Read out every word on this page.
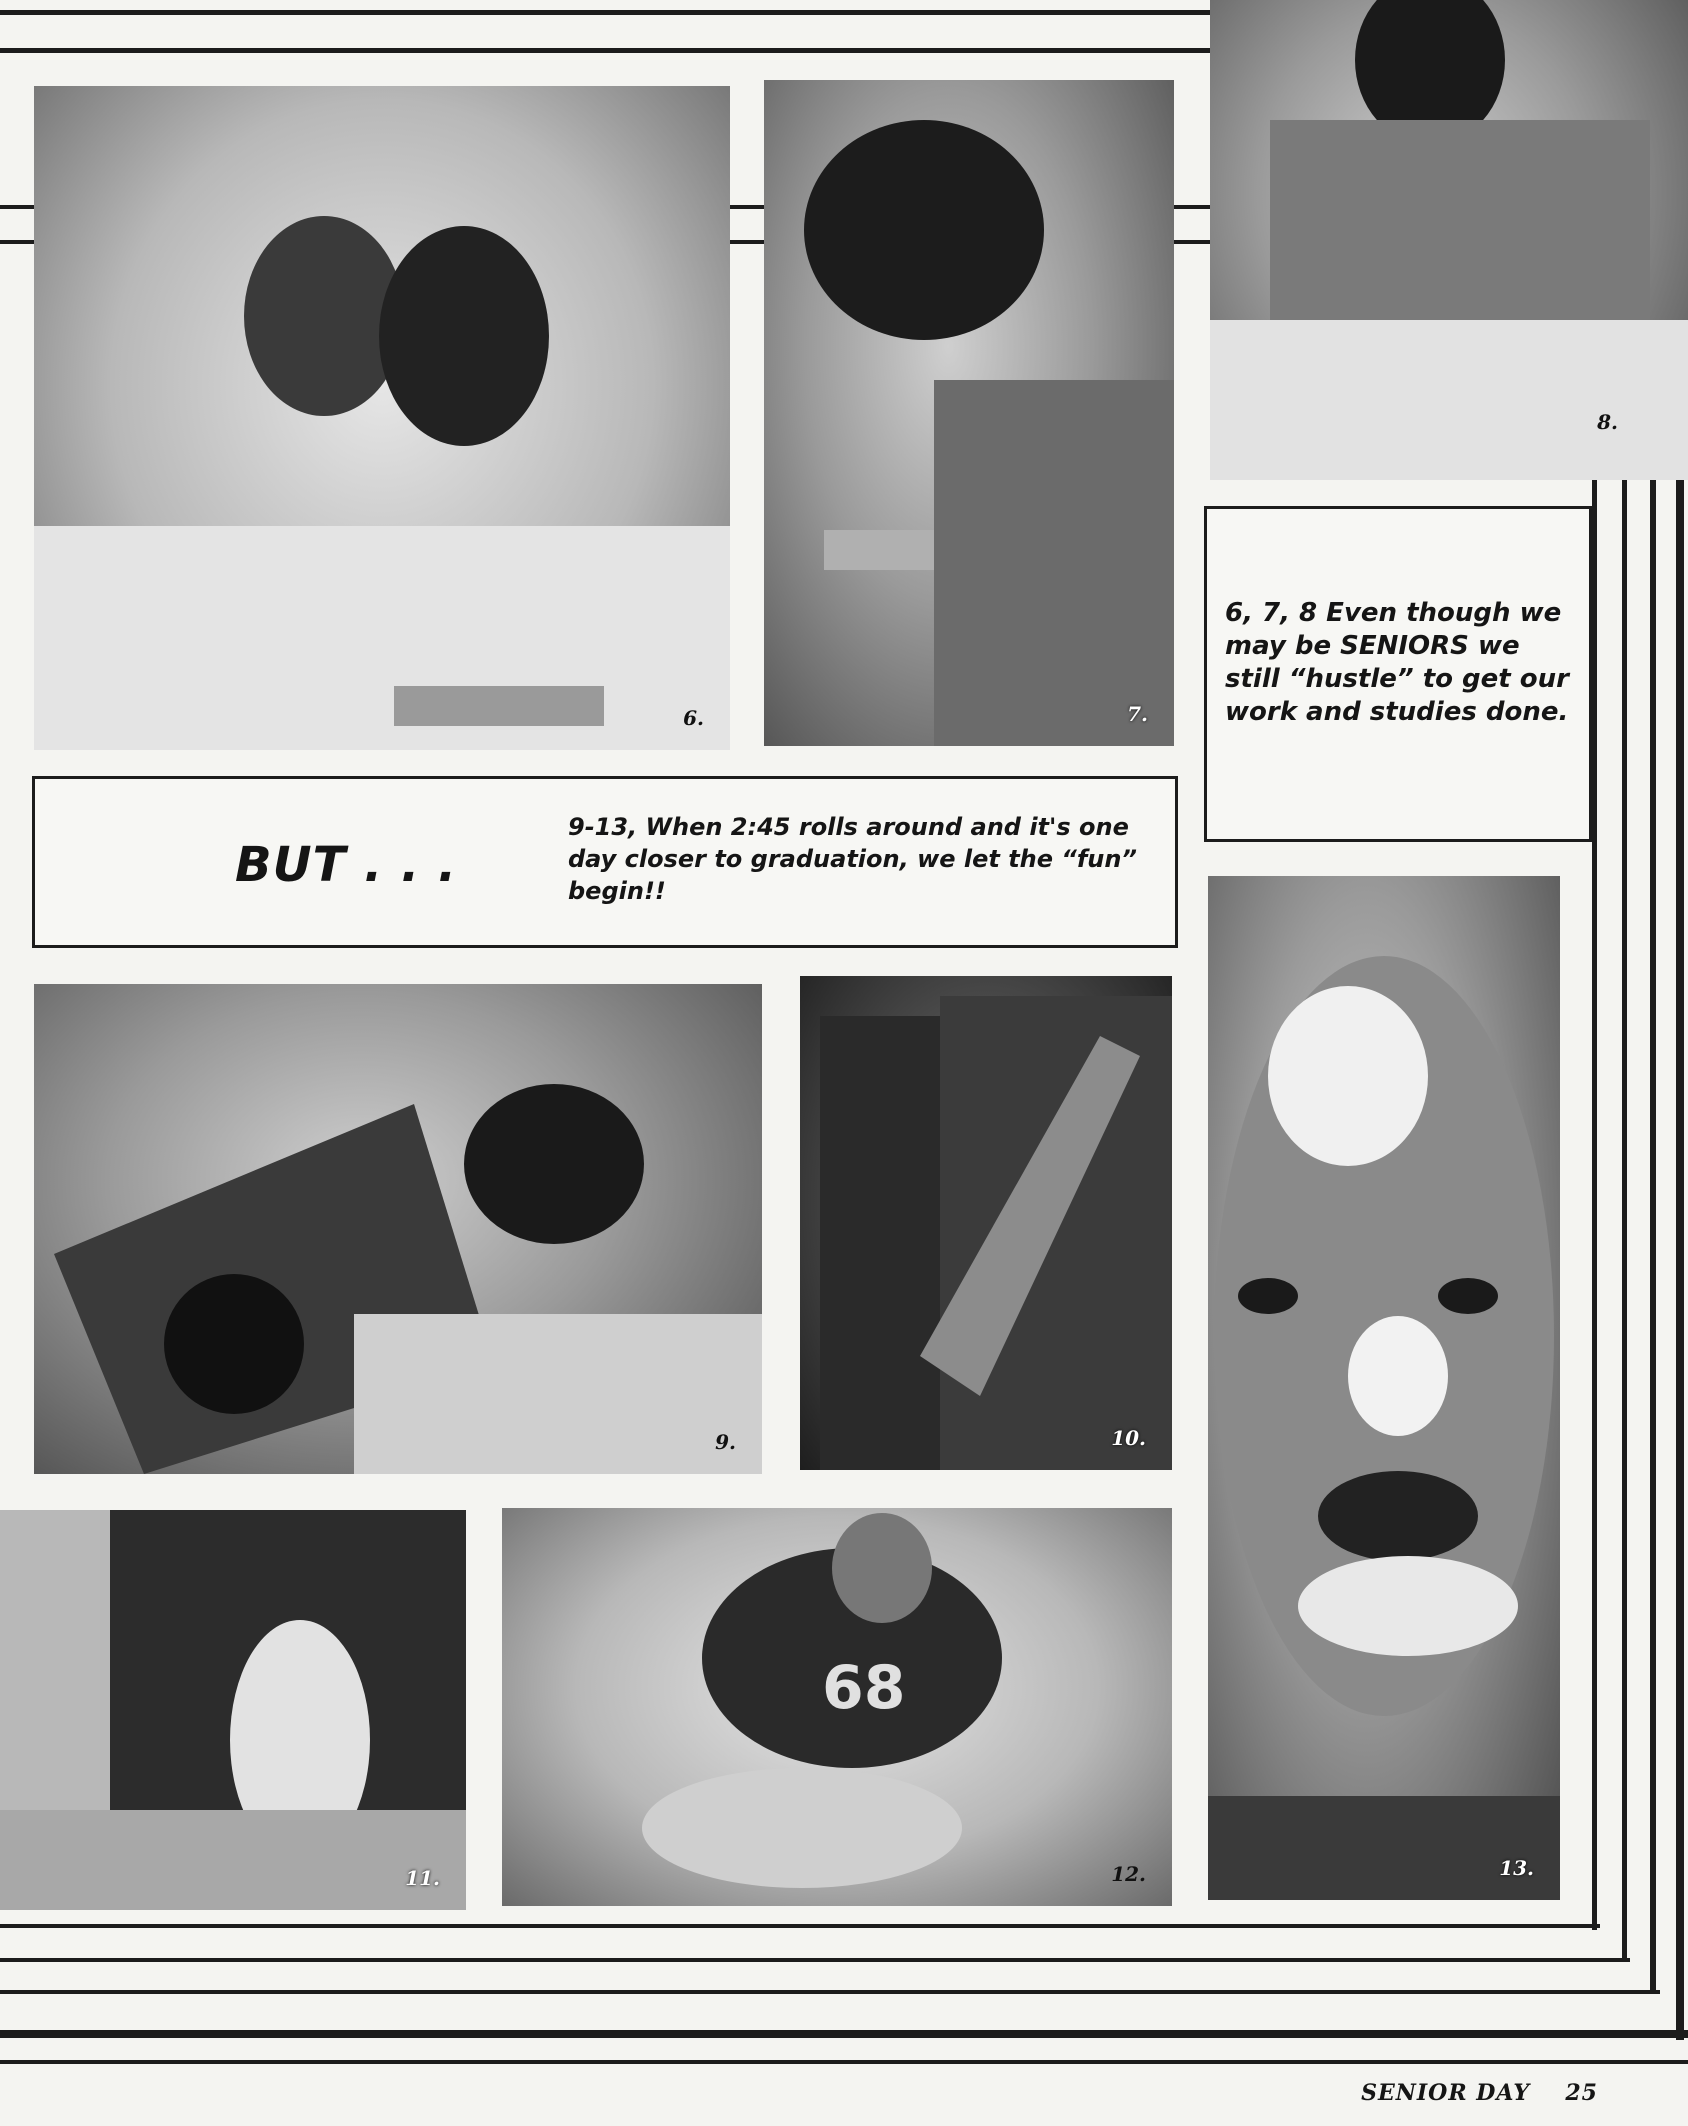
6.	7.
8.
6, 7, 8 Even though we may be SENIORS we still “hustle” to get our work and studies done.
BUT . . .
9-13, When 2:45 rolls around and it's one day closer to graduation, we let the “fun” begin!!
9.	10.
11.
68
12.	13.
SENIOR DAY 25
